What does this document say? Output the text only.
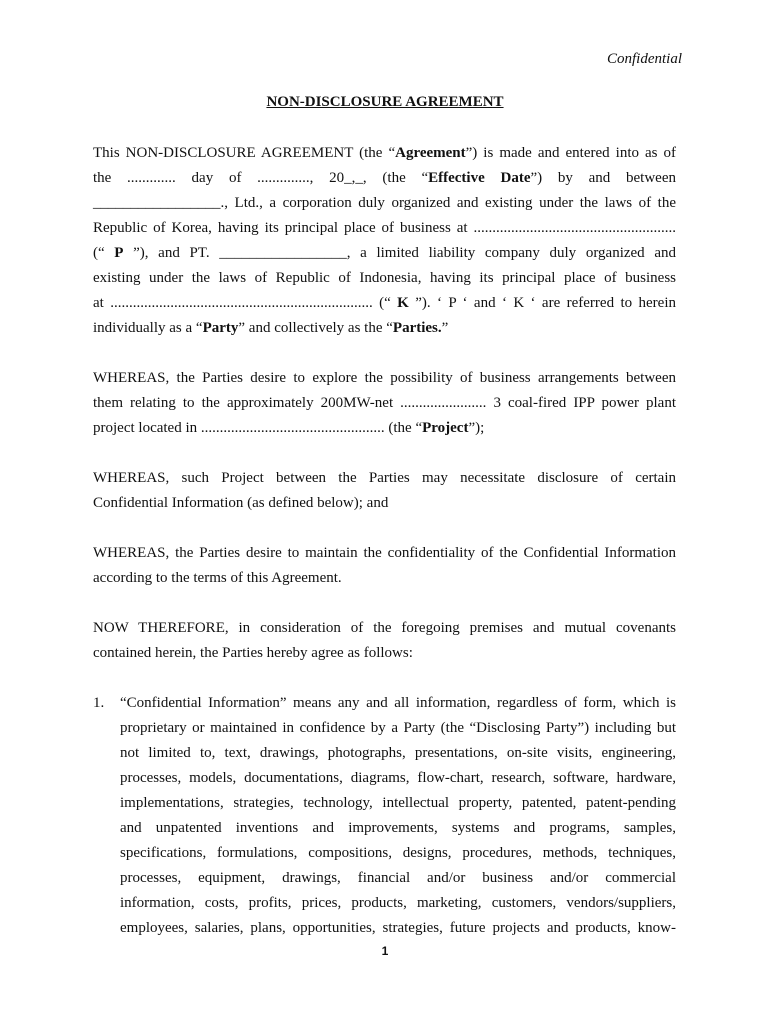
Confidential
NON-DISCLOSURE AGREEMENT
This NON-DISCLOSURE AGREEMENT (the “Agreement”) is made and entered into as of
the ............. day of .............., 20_,_, (the “Effective Date”) by and between
_________________., Ltd., a corporation duly organized and existing under the laws of the
Republic of Korea, having its principal place of business at ......................................................
(“ P ”), and PT. _________________, a limited liability company duly organized and
existing under the laws of Republic of Indonesia, having its principal place of business
at ...................................................................... (“ K ”). ‘ P ‘ and ‘ K ‘ are referred to herein
individually as a “Party” and collectively as the “Parties.”
WHEREAS, the Parties desire to explore the possibility of business arrangements between
them relating to the approximately 200MW-net ....................... 3 coal-fired IPP power plant
project located in ................................................. (the “Project”);
WHEREAS, such Project between the Parties may necessitate disclosure of certain
Confidential Information (as defined below); and
WHEREAS, the Parties desire to maintain the confidentiality of the Confidential Information
according to the terms of this Agreement.
NOW THEREFORE, in consideration of the foregoing premises and mutual covenants
contained herein, the Parties hereby agree as follows:
1. “Confidential Information” means any and all information, regardless of form, which is
proprietary or maintained in confidence by a Party (the “Disclosing Party”) including but
not limited to, text, drawings, photographs, presentations, on-site visits, engineering,
processes, models, documentations, diagrams, flow-chart, research, software, hardware,
implementations, strategies, technology, intellectual property, patented, patent-pending
and unpatented inventions and improvements, systems and programs, samples,
specifications, formulations, compositions, designs, procedures, methods, techniques,
processes, equipment, drawings, financial and/or business and/or commercial
information, costs, profits, prices, products, marketing, customers, vendors/suppliers,
employees, salaries, plans, opportunities, strategies, future projects and products, know-
1
